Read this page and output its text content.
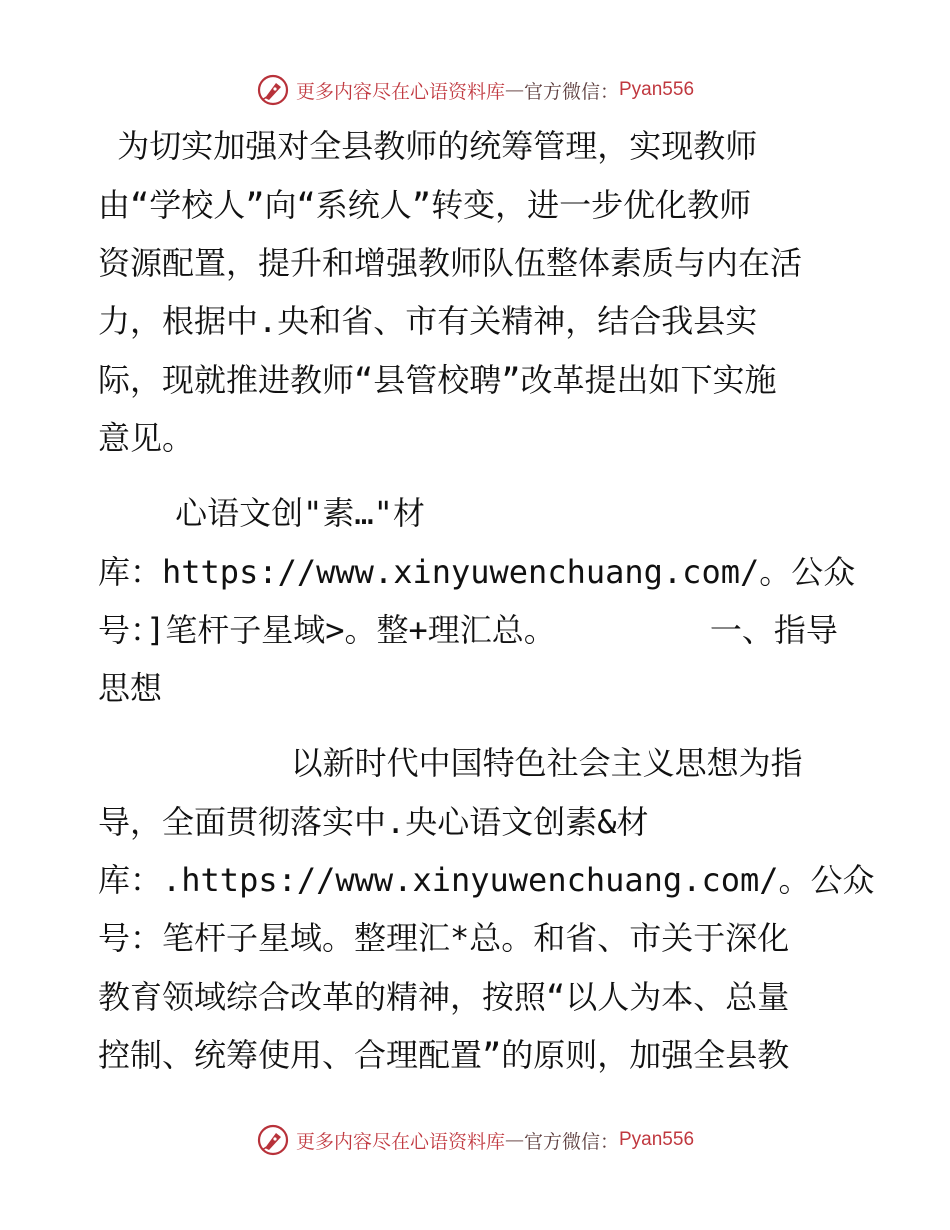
更多内容尽在心语资料库 — 官方微信： Pyan556
为切实加强对全县教师的统筹管理，实现教师
由“学校人”向“系统人”转变，进一步优化教师
资源配置，提升和增强教师队伍整体素质与内在活
力，根据中.央和省、市有关精神，结合我县实
际，现就推进教师“县管校聘”改革提出如下实施
意见。
心语文创"素…"材
库：https://www.xinyuwenchuang.com/。公众
号：]笔杆子星域>。整+理汇总。        一、指导
思想
以新时代中国特色社会主义思想为指
导，全面贯彻落实中.央心语文创素&材
库：.https://www.xinyuwenchuang.com/。公众
号：笔杆子星域。整理汇*总。和省、市关于深化
教育领域综合改革的精神，按照“以人为本、总量
控制、统筹使用、合理配置”的原则，加强全县教
更多内容尽在心语资料库 — 官方微信： Pyan556
